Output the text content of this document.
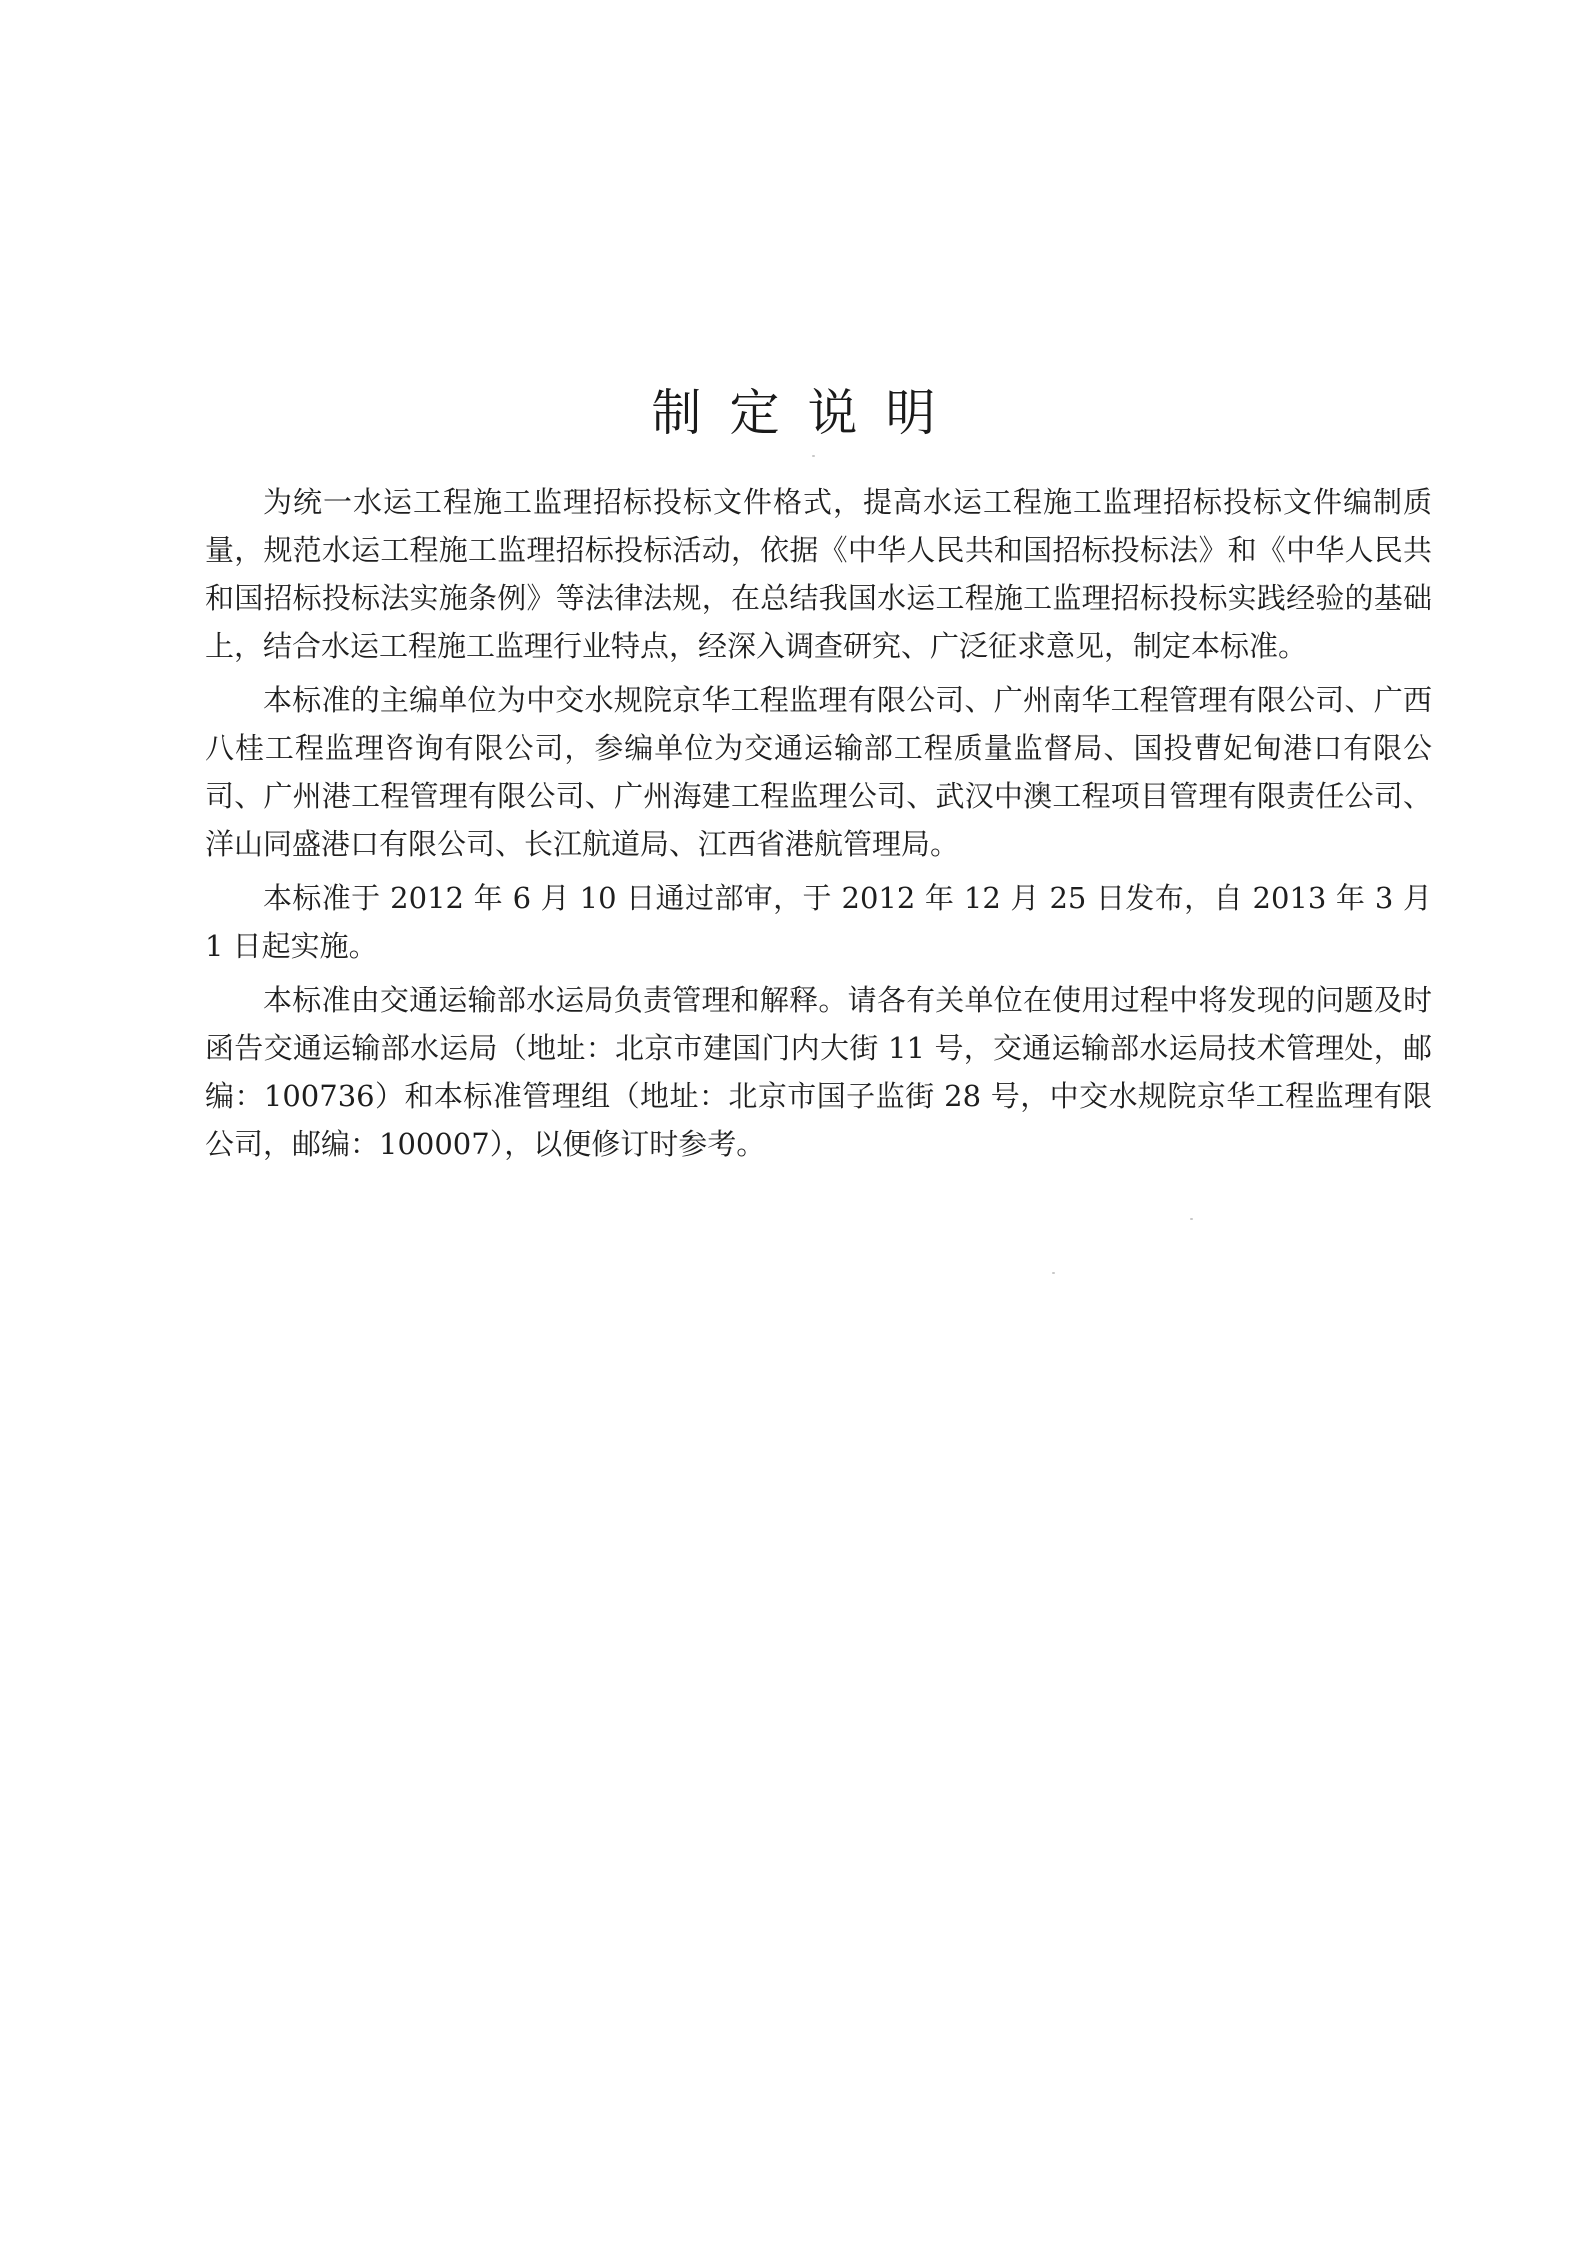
制定说明

为统一水运工程施工监理招标投标文件格式，提高水运工程施工监理招标投标文件编制质量，规范水运工程施工监理招标投标活动，依据《中华人民共和国招标投标法》和《中华人民共和国招标投标法实施条例》等法律法规，在总结我国水运工程施工监理招标投标实践经验的基础上，结合水运工程施工监理行业特点，经深入调查研究、广泛征求意见，制定本标准。

本标准的主编单位为中交水规院京华工程监理有限公司、广州南华工程管理有限公司、广西八桂工程监理咨询有限公司，参编单位为交通运输部工程质量监督局、国投曹妃甸港口有限公司、广州港工程管理有限公司、广州海建工程监理公司、武汉中澳工程项目管理有限责任公司、洋山同盛港口有限公司、长江航道局、江西省港航管理局。

本标准于 2012 年 6 月 10 日通过部审，于 2012 年 12 月 25 日发布，自 2013 年 3 月 1 日起实施。

本标准由交通运输部水运局负责管理和解释。请各有关单位在使用过程中将发现的问题及时函告交通运输部水运局（地址：北京市建国门内大街 11 号，交通运输部水运局技术管理处，邮编：100736）和本标准管理组（地址：北京市国子监街 28 号，中交水规院京华工程监理有限公司，邮编：100007），以便修订时参考。
